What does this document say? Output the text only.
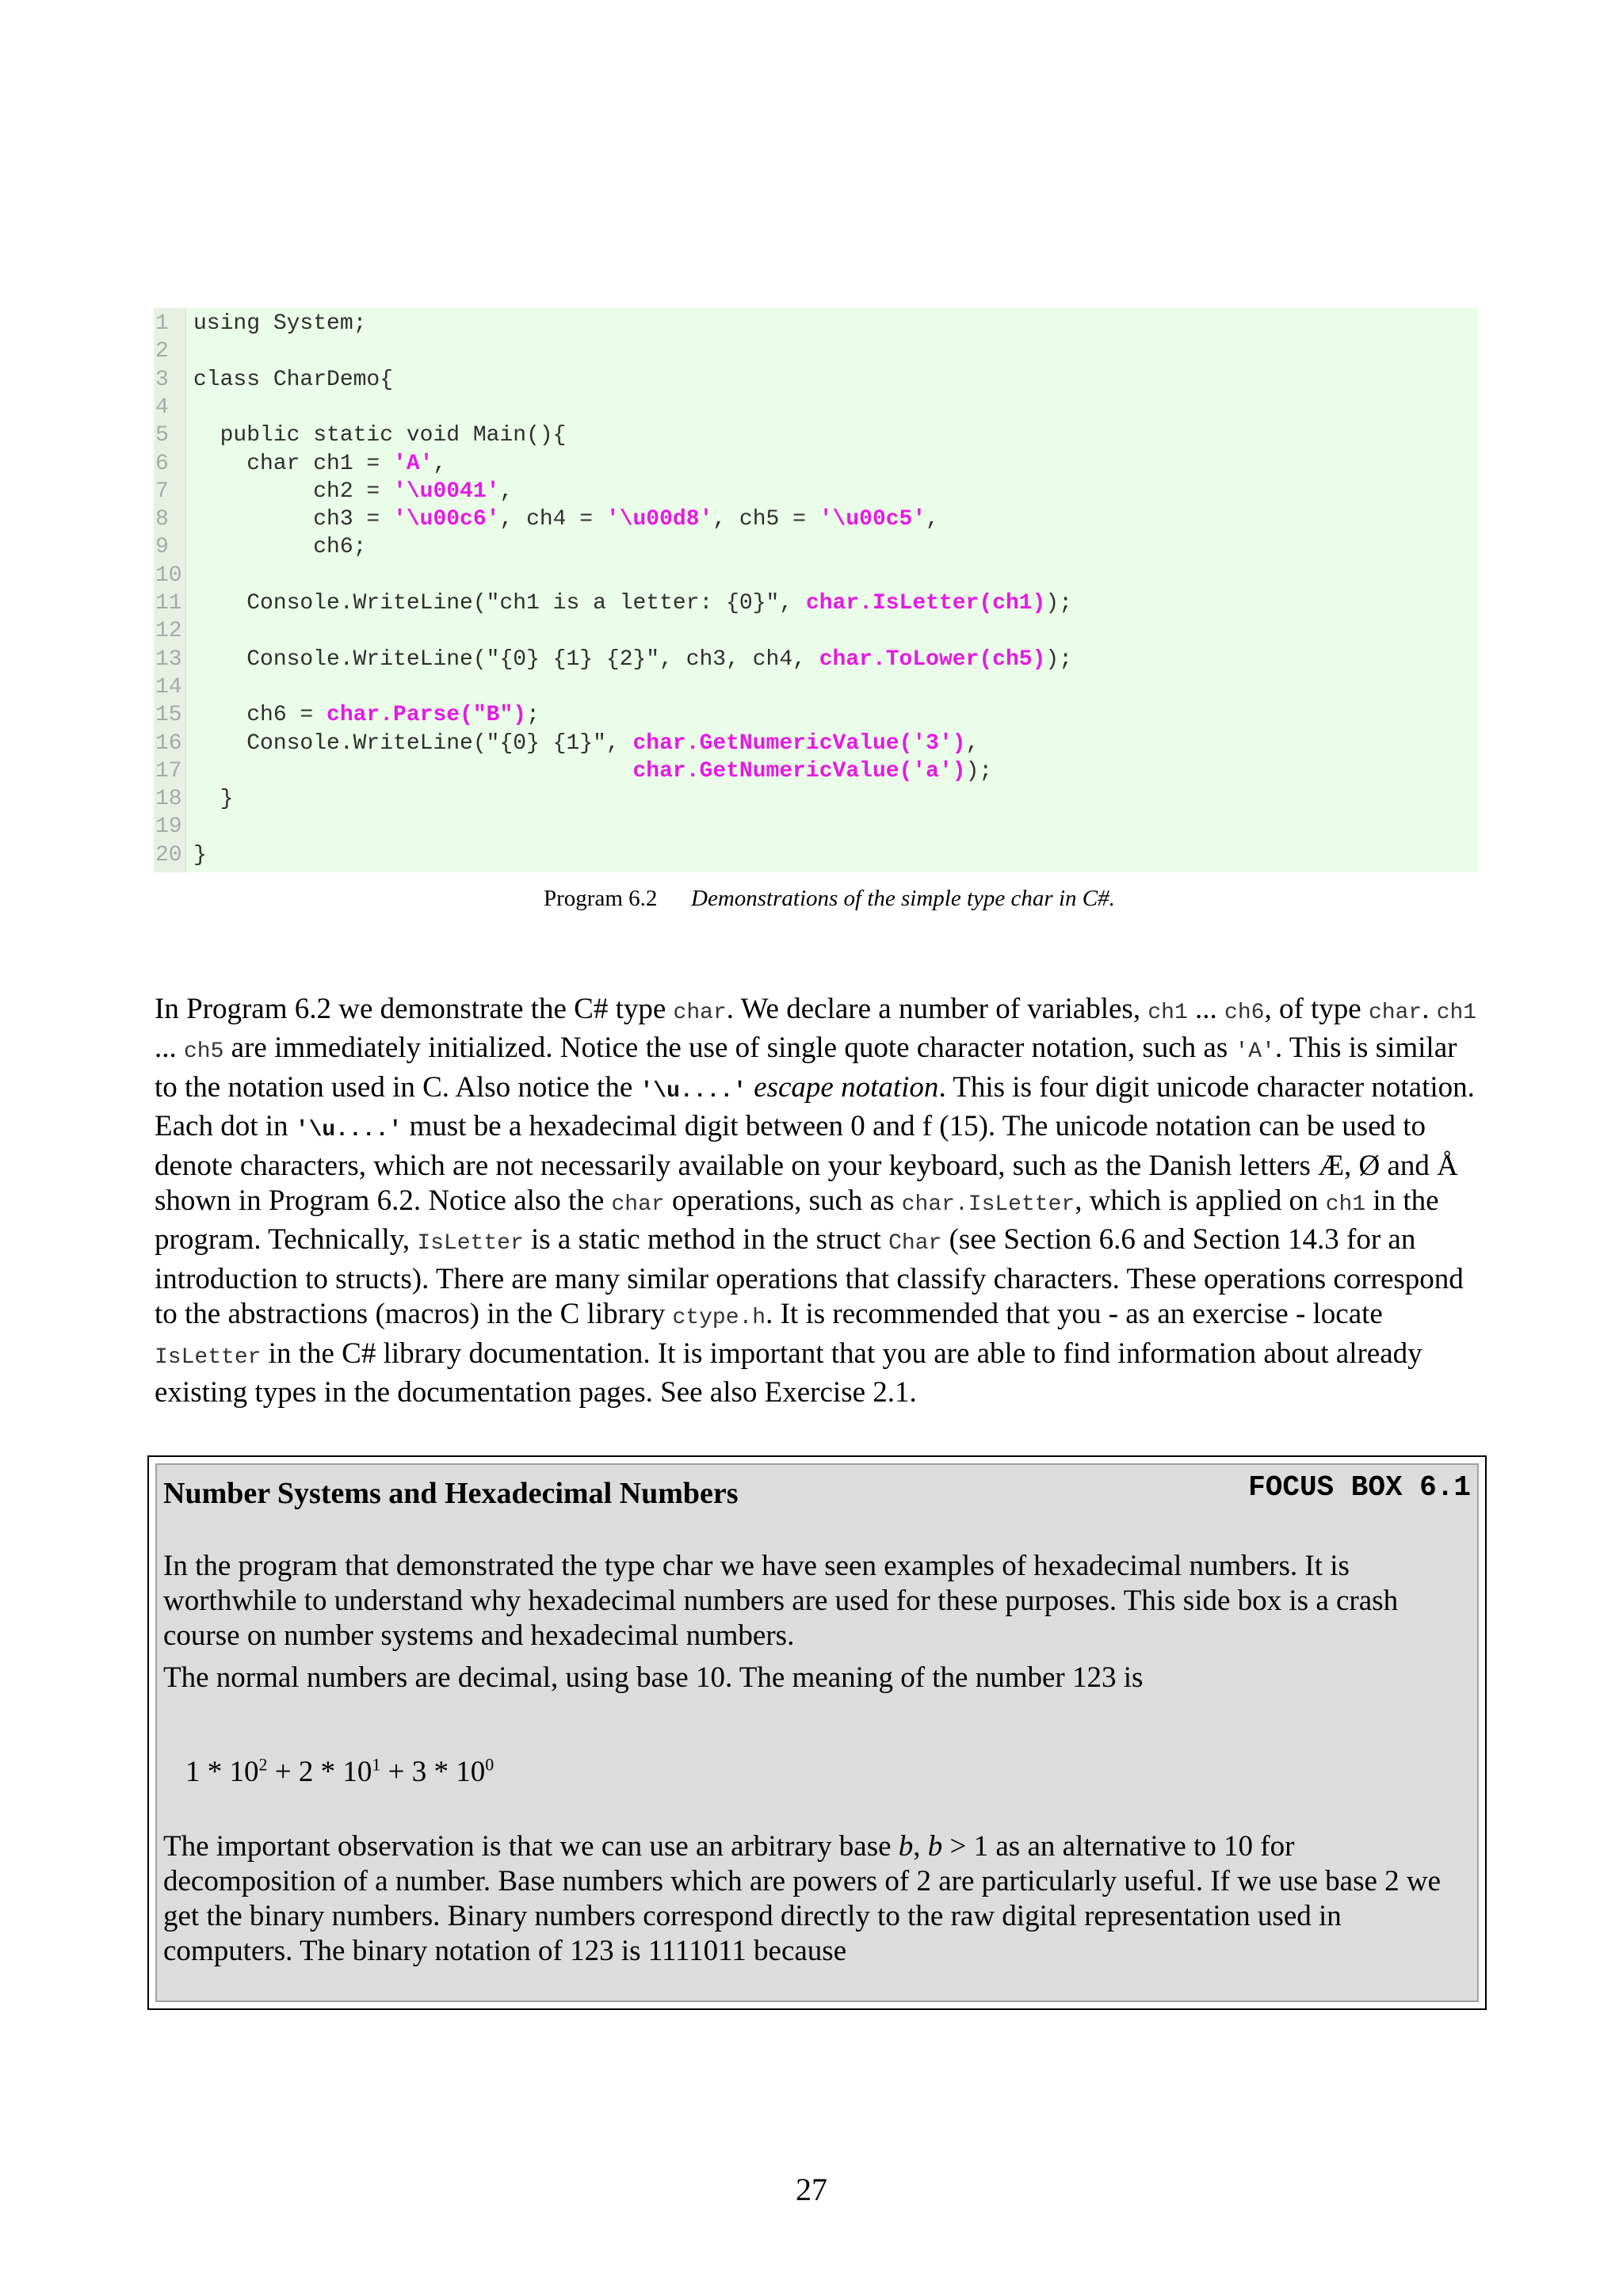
1	using System;
2
3	class CharDemo{
4
5	public static void Main(){
6	char ch1 = 'A',
7	ch2 = '\u0041',
8	ch3 = '\u00c6', ch4 = '\u00d8', ch5 = '\u00c5',
9	ch6;
10
11 Console.WriteLine("ch1 is a letter: {0}", char.IsLetter(ch1));
12
13 Console.WriteLine("{0} {1} {2}", ch3, ch4, char.ToLower(ch5));
14
15 ch6 = char.Parse("B");
16 Console.WriteLine("{0} {1}", char.GetNumericValue('3'),
17	char.GetNumericValue('a'));
18 }
19
20 }
Program 6.2 Demonstrations of the simple type char in C#.

In Program 6.2 we demonstrate the C# type char. We declare a number of variables, ch1 ... ch6, of type char. ch1 ... ch5 are immediately initialized. Notice the use of single quote character notation, such as 'A'. This is similar to the notation used in C. Also notice the '\u....' escape notation. This is four digit unicode character notation. Each dot in '\u....' must be a hexadecimal digit between 0 and f (15). The unicode notation can be used to denote characters, which are not necessarily available on your keyboard, such as the Danish letters Æ, Ø and Å shown in Program 6.2. Notice also the char operations, such as char.IsLetter, which is applied on ch1 in the program. Technically, IsLetter is a static method in the struct Char (see Section 6.6 and Section 14.3 for an introduction to structs). There are many similar operations that classify characters. These operations correspond to the abstractions (macros) in the C library ctype.h. It is recommended that you - as an exercise - locate IsLetter in the C# library documentation. It is important that you are able to find information about already existing types in the documentation pages. See also Exercise 2.1.

Number Systems and Hexadecimal Numbers	FOCUS BOX 6.1

In the program that demonstrated the type char we have seen examples of hexadecimal numbers. It is worthwhile to understand why hexadecimal numbers are used for these purposes. This side box is a crash course on number systems and hexadecimal numbers.

The normal numbers are decimal, using base 10. The meaning of the number 123 is

$1 * 10^2 + 2 * 10^1 + 3 * 10^0$

The important observation is that we can use an arbitrary base b, b > 1 as an alternative to 10 for decomposition of a number. Base numbers which are powers of 2 are particularly useful. If we use base 2 we get the binary numbers. Binary numbers correspond directly to the raw digital representation used in computers. The binary notation of 123 is 1111011 because

27
